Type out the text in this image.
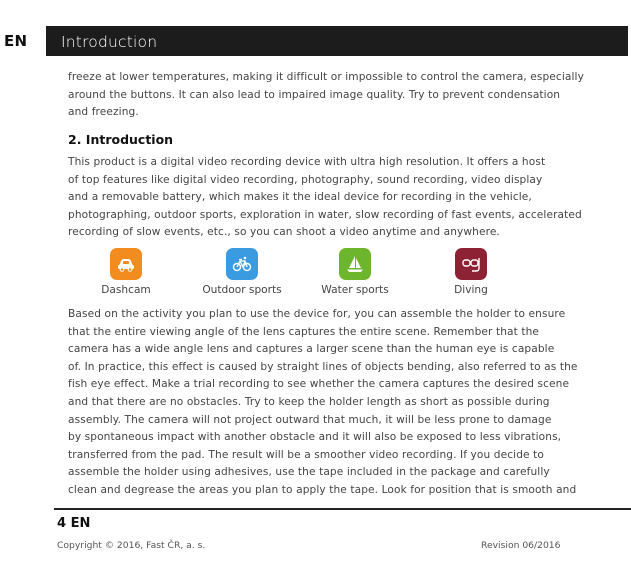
EN Introduction

freeze at lower temperatures, making it difficult or impossible to control the camera, especially

around the buttons. It can also lead to impaired image quality. Try to prevent condensation

and freezing.

2. Introduction

This product is a digital video recording device with ultra high resolution. It offers a host

of top features like digital video recording, photography, sound recording, video display

and a removable battery, which makes it the ideal device for recording in the vehicle,

photographing, outdoor sports, exploration in water, slow recording of fast events, accelerated

recording of slow events, etc., so you can shoot a video anytime and anywhere.

Dashcam	Outdoor sports	Water sports	Diving

Based on the activity you plan to use the device for, you can assemble the holder to ensure

that the entire viewing angle of the lens captures the entire scene. Remember that the

camera has a wide angle lens and captures a larger scene than the human eye is capable

of. In practice, this effect is caused by straight lines of objects bending, also referred to as the

fish eye effect. Make a trial recording to see whether the camera captures the desired scene

and that there are no obstacles. Try to keep the holder length as short as possible during

assembly. The camera will not project outward that much, it will be less prone to damage

by spontaneous impact with another obstacle and it will also be exposed to less vibrations,

transferred from the pad. The result will be a smoother video recording. If you decide to

assemble the holder using adhesives, use the tape included in the package and carefully

clean and degrease the areas you plan to apply the tape. Look for position that is smooth and

4 EN
Copyright © 2016, Fast ČR, a. s.	Revision 06/2016
